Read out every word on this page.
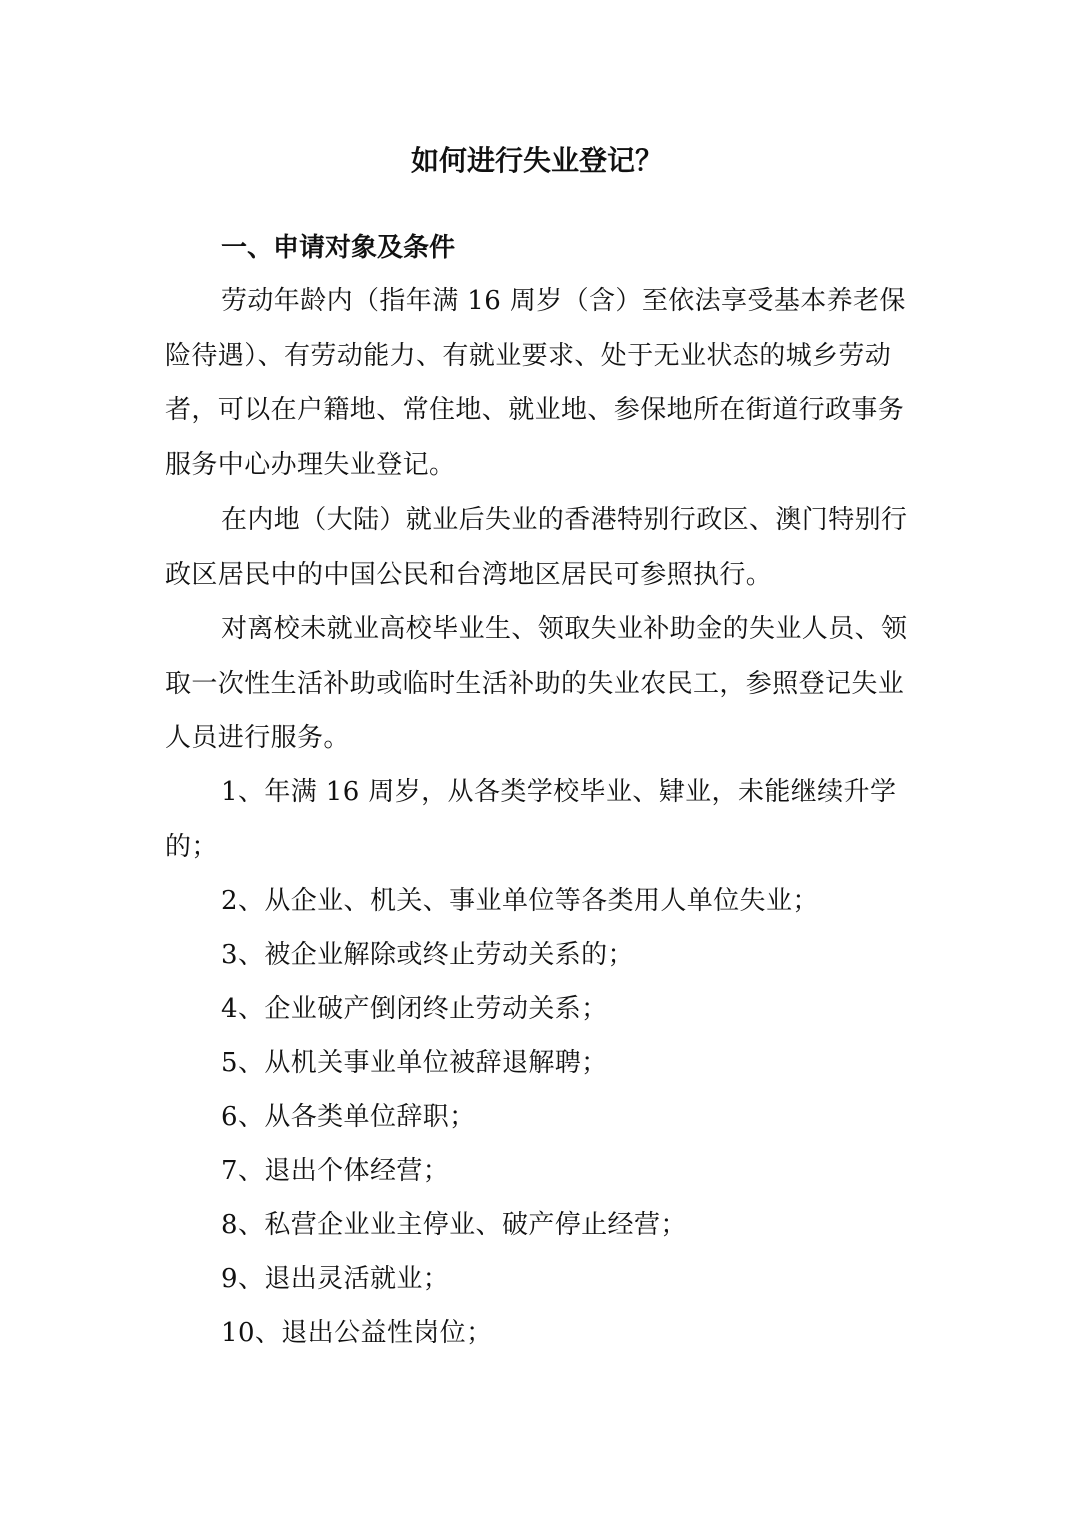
如何进行失业登记？
一、申请对象及条件

劳动年龄内（指年满 16 周岁（含）至依法享受基本养老保险待遇）、有劳动能力、有就业要求、处于无业状态的城乡劳动者，可以在户籍地、常住地、就业地、参保地所在街道行政事务服务中心办理失业登记。

在内地（大陆）就业后失业的香港特别行政区、澳门特别行政区居民中的中国公民和台湾地区居民可参照执行。

对离校未就业高校毕业生、领取失业补助金的失业人员、领取一次性生活补助或临时生活补助的失业农民工，参照登记失业人员进行服务。

1、年满 16 周岁，从各类学校毕业、肄业，未能继续升学的；

2、从企业、机关、事业单位等各类用人单位失业；

3、被企业解除或终止劳动关系的；

4、企业破产倒闭终止劳动关系；

5、从机关事业单位被辞退解聘；

6、从各类单位辞职；

7、退出个体经营；

8、私营企业业主停业、破产停止经营；

9、退出灵活就业；

10、退出公益性岗位；
